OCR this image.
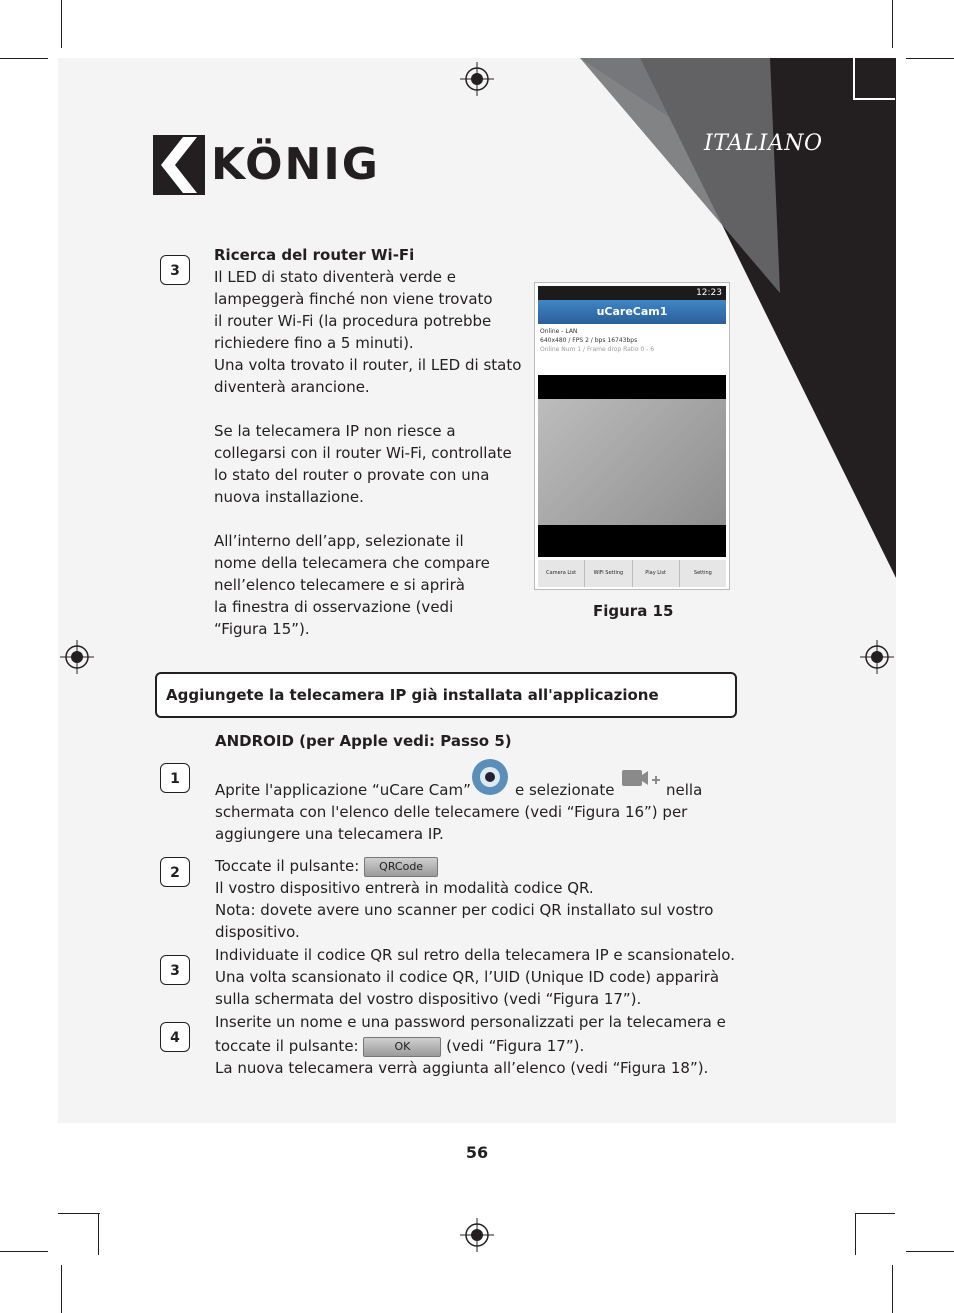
ITALIANO
KÖNIG
3
Ricerca del router Wi-Fi
Il LED di stato diventerà verde e
lampeggerà finché non viene trovato
il router Wi-Fi (la procedura potrebbe
richiedere fino a 5 minuti).
Una volta trovato il router, il LED di stato
diventerà arancione.
Se la telecamera IP non riesce a
collegarsi con il router Wi-Fi, controllate
lo stato del router o provate con una
nuova installazione.
All’interno dell’app, selezionate il
nome della telecamera che compare
nell’elenco telecamere e si aprirà
la finestra di osservazione (vedi
“Figura 15”).
12:23
uCareCam1
Online - LAN
640x480 / FPS 2 / bps 16743bps
Online Num 1 / Frame drop Ratio 0 - 6
Camera List	WiFi Setting	Play List	Setting
Figura 15
Aggiungete la telecamera IP già installata all'applicazione
ANDROID (per Apple vedi: Passo 5)
1
Aprite l'applicazione “uCare Cam”	e selezionate	nella
schermata con l'elenco delle telecamere (vedi “Figura 16”) per
aggiungere una telecamera IP.
2	Toccate il pulsante: QRCode
Il vostro dispositivo entrerà in modalità codice QR.
Nota: dovete avere uno scanner per codici QR installato sul vostro
dispositivo.
3
Individuate il codice QR sul retro della telecamera IP e scansionatelo.
Una volta scansionato il codice QR, l’UID (Unique ID code) apparirà
sulla schermata del vostro dispositivo (vedi “Figura 17”).
4
Inserite un nome e una password personalizzati per la telecamera e
toccate il pulsante:	OK (vedi “Figura 17”).
La nuova telecamera verrà aggiunta all’elenco (vedi “Figura 18”).
56
